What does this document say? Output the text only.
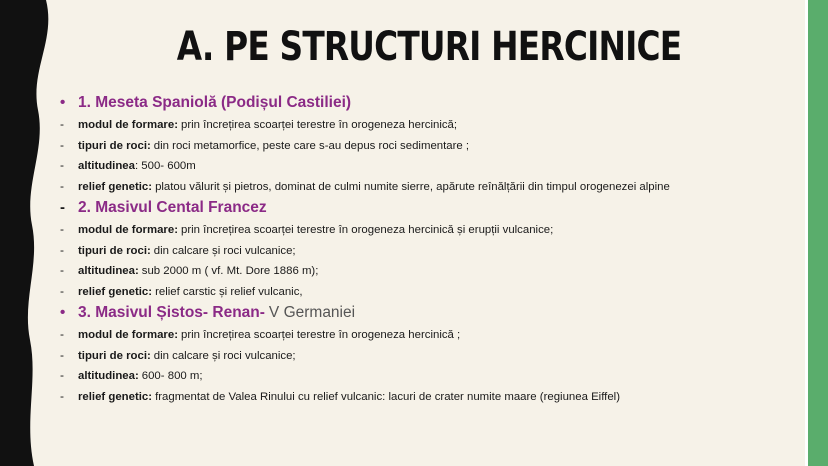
A. PE STRUCTURI HERCINICE
• 1. Meseta Spaniolă (Podișul Castiliei)
-	modul de formare: prin încrețirea scoarței terestre în orogeneza hercinică;
-	tipuri de roci: din roci metamorfice, peste care s-au depus roci sedimentare ;
-	altitudinea : 500- 600m
-	relief genetic: platou vălurit și pietros, dominat de culmi numite sierre, apărute reînălțării din timpul orogenezei alpine
- 2. Masivul Cental Francez
-	modul de formare: prin încrețirea scoarței terestre în orogeneza hercinică și erupții vulcanice;
-	tipuri de roci: din calcare și roci vulcanice;
-	altitudinea: sub 2000 m ( vf. Mt. Dore 1886 m);
-	relief genetic: relief carstic și relief vulcanic,
• 3. Masivul Șistos- Renan- V Germaniei
-	modul de formare: prin încrețirea scoarței terestre în orogeneza hercinică ;
-	tipuri de roci: din calcare și roci vulcanice;
-	altitudinea: 600- 800 m;
-	relief genetic: fragmentat de Valea Rinului cu relief vulcanic: lacuri de crater numite maare (regiunea Eiffel)
